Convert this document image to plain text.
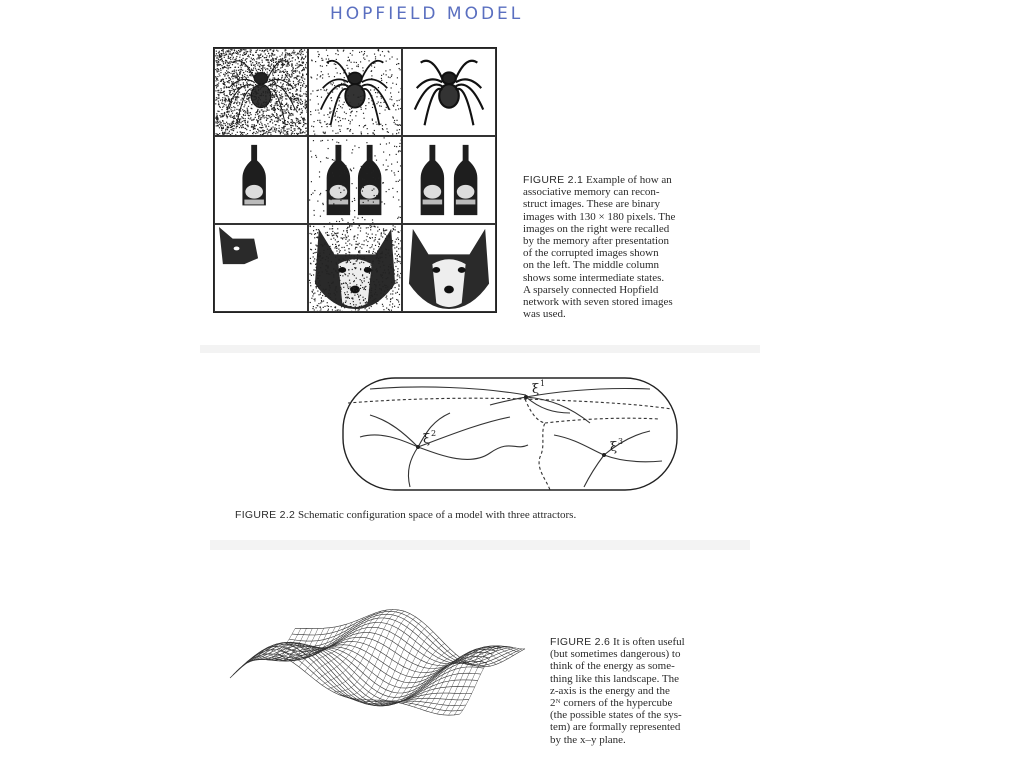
HOPFIELD MODEL
FIGURE 2.1 Example of how an
associative memory can recon-
struct images. These are binary
images with 130 × 180 pixels. The
images on the right were recalled
by the memory after presentation
of the corrupted images shown
on the left. The middle column
shows some intermediate states.
A sparsely connected Hopfield
network with seven stored images
was used.
ξ 1
ξ 2
ξ 3
FIGURE 2.2 Schematic configuration space of a model with three attractors.
FIGURE 2.6 It is often useful
(but sometimes dangerous) to
think of the energy as some-
thing like this landscape. The
z-axis is the energy and the
2ᴺ corners of the hypercube
(the possible states of the sys-
tem) are formally represented
by the x–y plane.
